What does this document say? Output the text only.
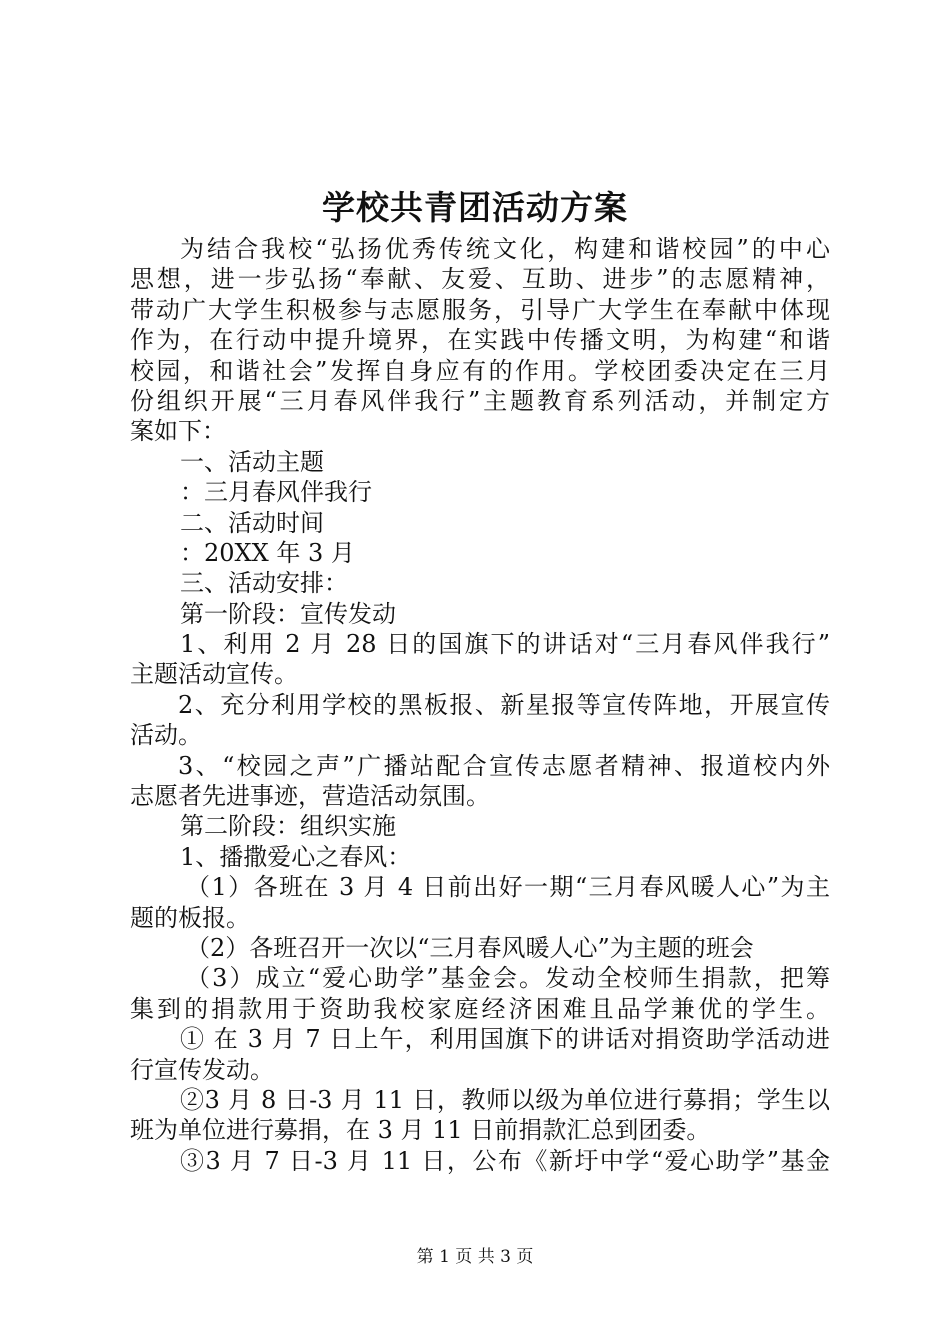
学校共青团活动方案
为结合我校“弘扬优秀传统文化，构建和谐校园”的中心
思想，进一步弘扬“奉献、友爱、互助、进步”的志愿精神，
带动广大学生积极参与志愿服务，引导广大学生在奉献中体现
作为，在行动中提升境界，在实践中传播文明，为构建“和谐
校园，和谐社会”发挥自身应有的作用。学校团委决定在三月
份组织开展“三月春风伴我行”主题教育系列活动，并制定方
案如下：
一、活动主题
：三月春风伴我行
二、活动时间
：20XX 年 3 月
三、活动安排：
第一阶段：宣传发动
1、利用 2 月 28 日的国旗下的讲话对“三月春风伴我行”
主题活动宣传。
2、充分利用学校的黑板报、新星报等宣传阵地，开展宣传
活动。
3、“校园之声”广播站配合宣传志愿者精神、报道校内外
志愿者先进事迹，营造活动氛围。
第二阶段：组织实施
1、播撒爱心之春风：
（1）各班在 3 月 4 日前出好一期“三月春风暖人心”为主
题的板报。
（2）各班召开一次以“三月春风暖人心”为主题的班会
（3）成立“爱心助学”基金会。发动全校师生捐款，把筹
集到的捐款用于资助我校家庭经济困难且品学兼优的学生。
① 在 3 月 7 日上午，利用国旗下的讲话对捐资助学活动进
行宣传发动。
②3 月 8 日-3 月 11 日，教师以级为单位进行募捐；学生以
班为单位进行募捐，在 3 月 11 日前捐款汇总到团委。
③3 月 7 日-3 月 11 日，公布《新圩中学“爱心助学”基金
第 1 页 共 3 页
